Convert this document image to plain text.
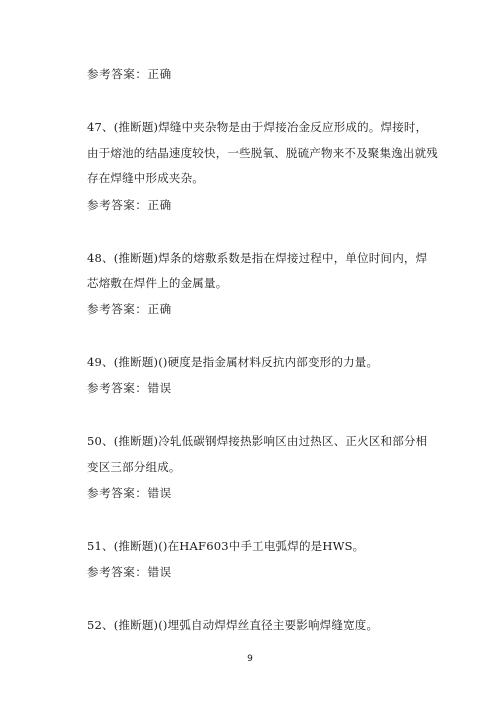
参考答案：正确
47、(推断题)焊缝中夹杂物是由于焊接冶金反应形成的。焊接时，
由于熔池的结晶速度较快，一些脱氧、脱硫产物来不及聚集逸出就残
存在焊缝中形成夹杂。
参考答案：正确
48、(推断题)焊条的熔敷系数是指在焊接过程中，单位时间内，焊
芯熔敷在焊件上的金属量。
参考答案：正确
49、(推断题)()硬度是指金属材料反抗内部变形的力量。
参考答案：错误
50、(推断题)冷轧低碳钢焊接热影响区由过热区、正火区和部分相
变区三部分组成。
参考答案：错误
51、(推断题)()在HAF603中手工电弧焊的是HWS。
参考答案：错误
52、(推断题)()埋弧自动焊焊丝直径主要影响焊缝宽度。
9
